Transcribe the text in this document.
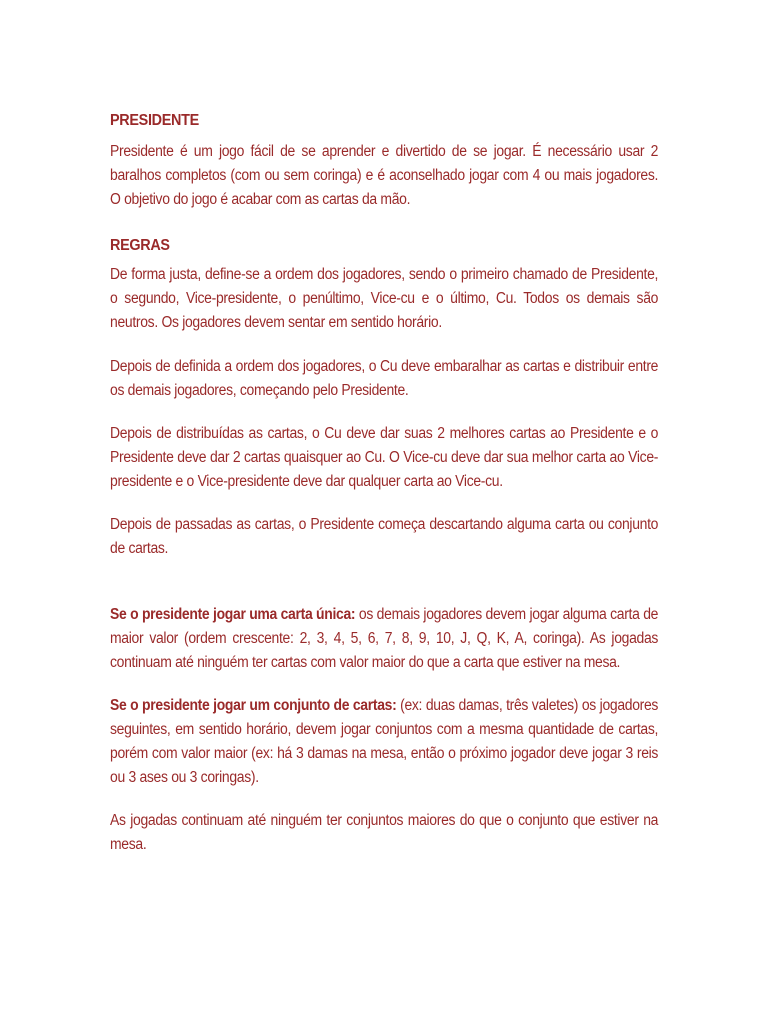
PRESIDENTE

Presidente é um jogo fácil de se aprender e divertido de se jogar. É necessário usar 2 baralhos completos (com ou sem coringa) e é aconselhado jogar com 4 ou mais jogadores. O objetivo do jogo é acabar com as cartas da mão.

REGRAS

De forma justa, define-se a ordem dos jogadores, sendo o primeiro chamado de Presidente, o segundo, Vice-presidente, o penúltimo, Vice-cu e o último, Cu. Todos os demais são neutros. Os jogadores devem sentar em sentido horário.

Depois de definida a ordem dos jogadores, o Cu deve embaralhar as cartas e distribuir entre os demais jogadores, começando pelo Presidente.

Depois de distribuídas as cartas, o Cu deve dar suas 2 melhores cartas ao Presidente e o Presidente deve dar 2 cartas quaisquer ao Cu. O Vice-cu deve dar sua melhor carta ao Vice-presidente e o Vice-presidente deve dar qualquer carta ao Vice-cu.

Depois de passadas as cartas, o Presidente começa descartando alguma carta ou conjunto de cartas.

Se o presidente jogar uma carta única: os demais jogadores devem jogar alguma carta de maior valor (ordem crescente: 2, 3, 4, 5, 6, 7, 8, 9, 10, J, Q, K, A, coringa). As jogadas continuam até ninguém ter cartas com valor maior do que a carta que estiver na mesa.

Se o presidente jogar um conjunto de cartas: (ex: duas damas, três valetes) os jogadores seguintes, em sentido horário, devem jogar conjuntos com a mesma quantidade de cartas, porém com valor maior (ex: há 3 damas na mesa, então o próximo jogador deve jogar 3 reis ou 3 ases ou 3 coringas).

As jogadas continuam até ninguém ter conjuntos maiores do que o conjunto que estiver na mesa.
